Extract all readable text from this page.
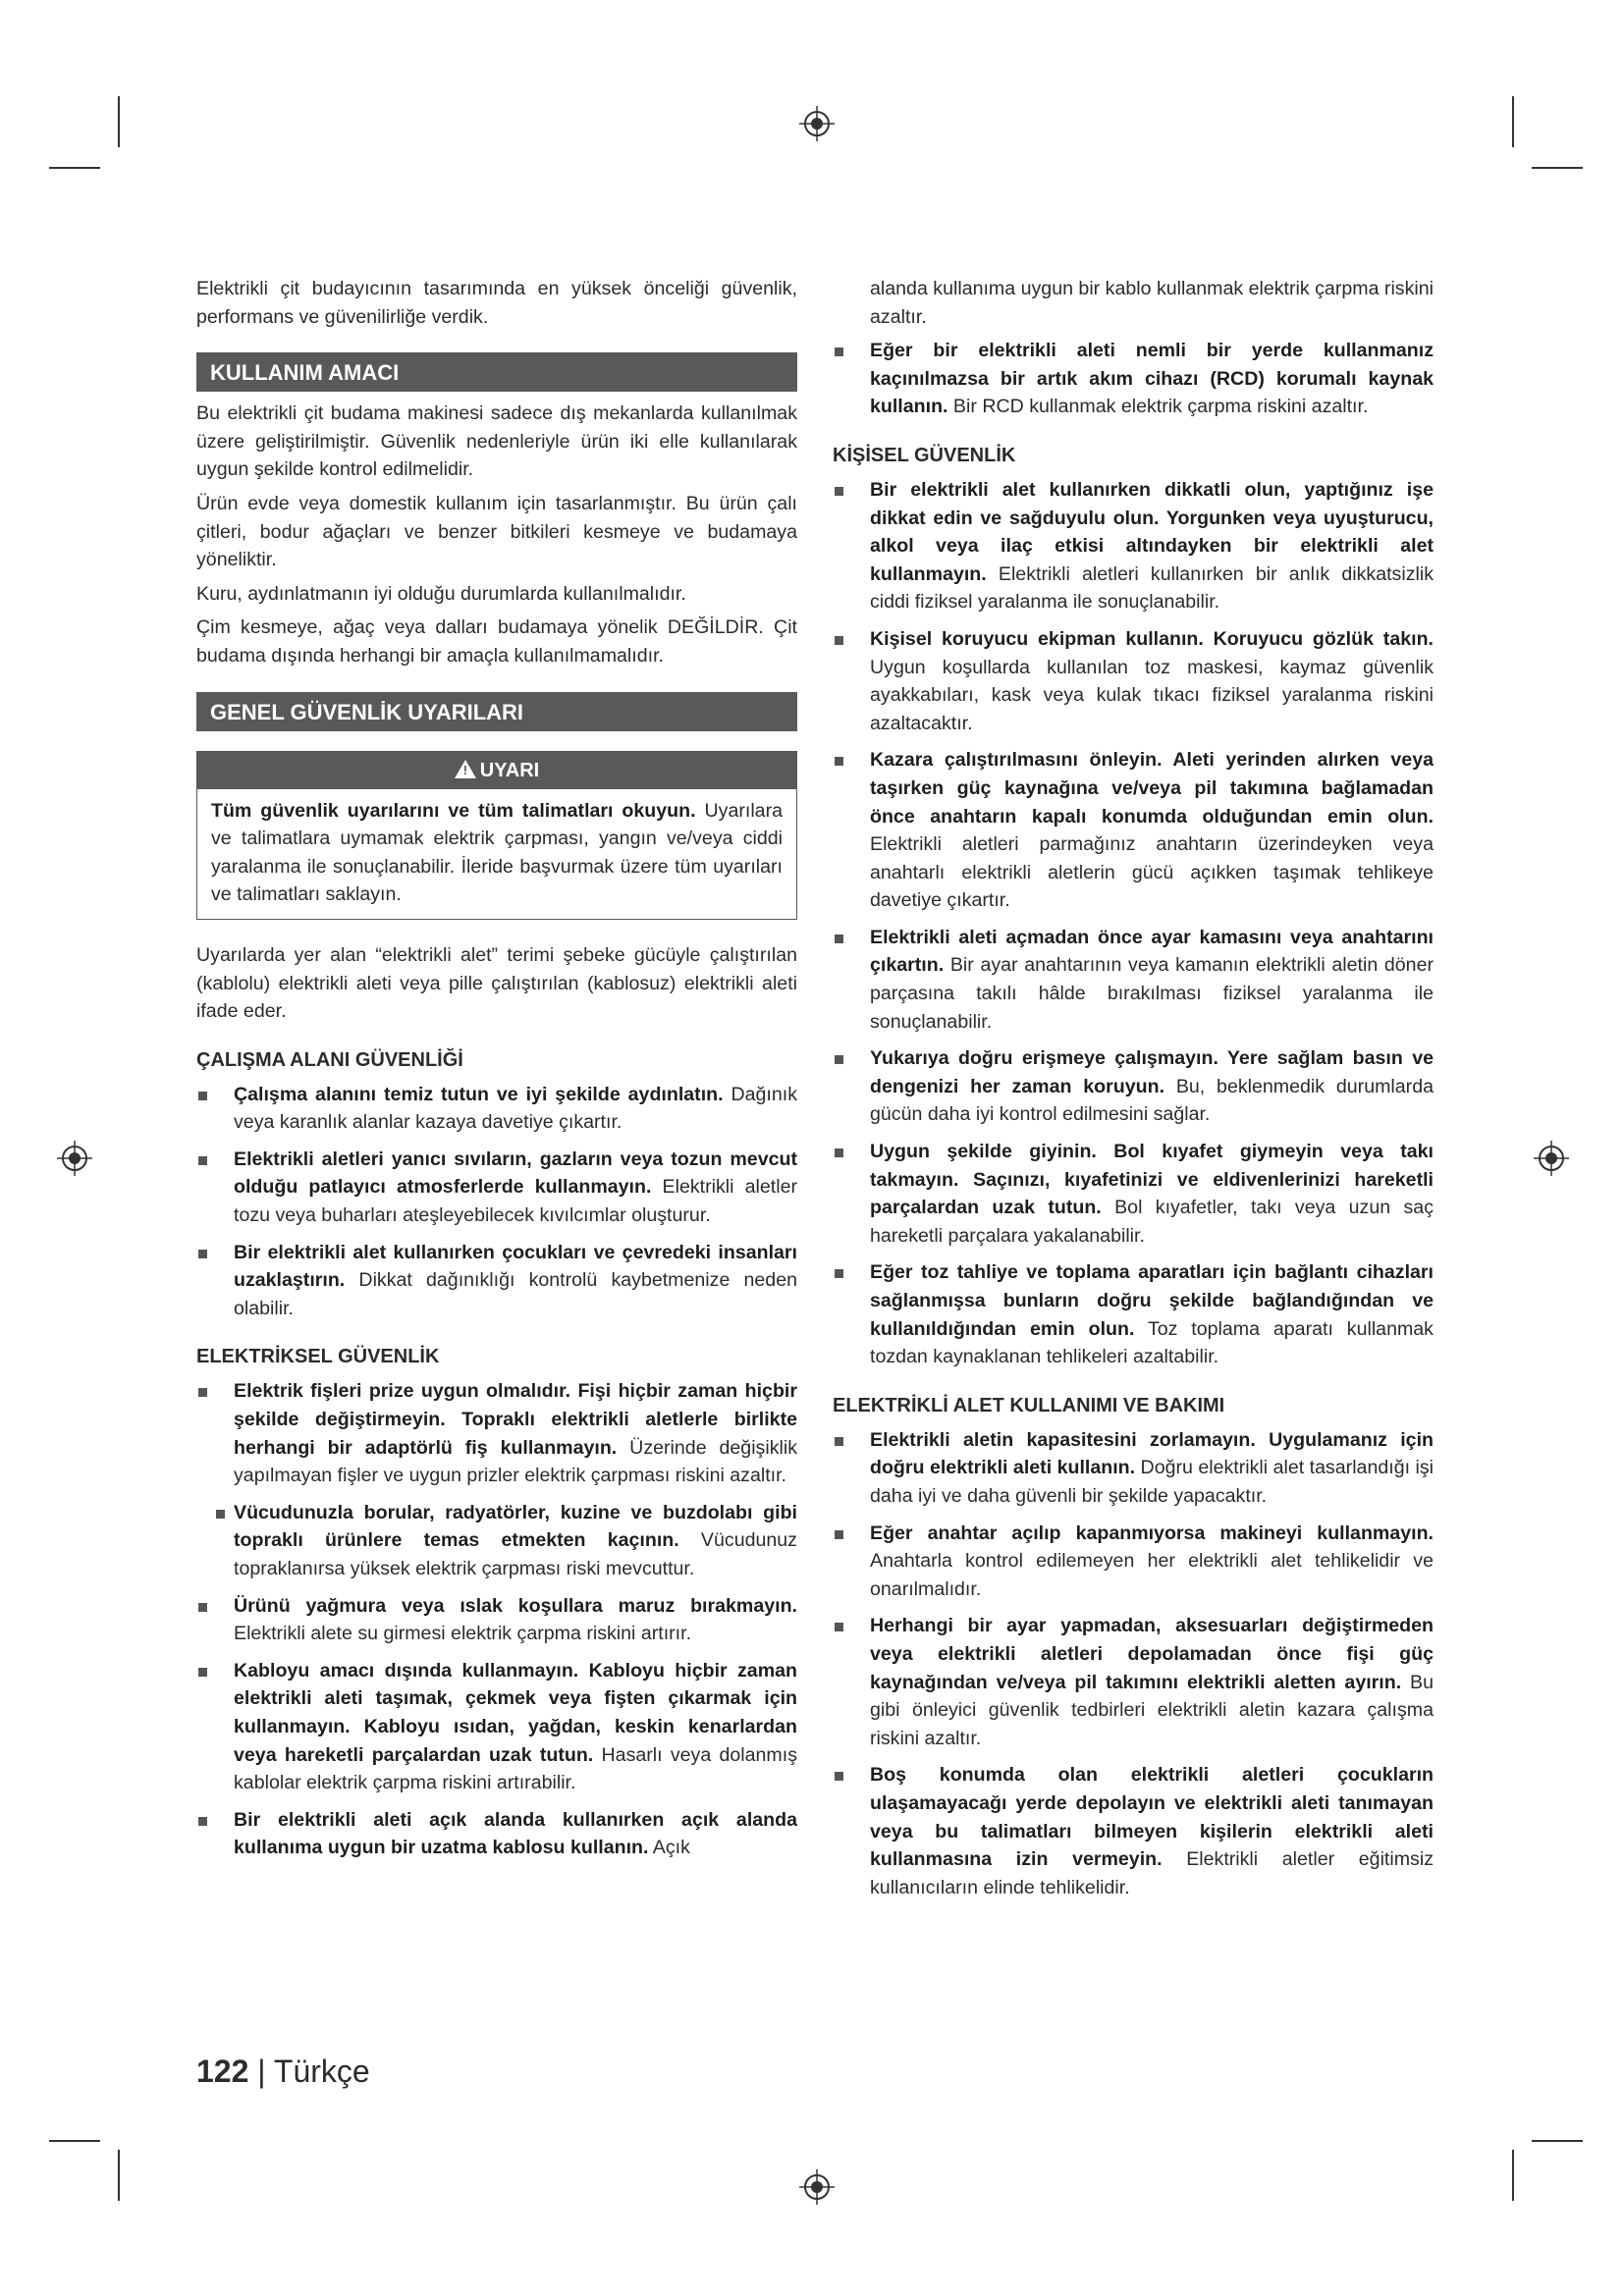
Elektrikli çit budayıcının tasarımında en yüksek önceliği güvenlik, performans ve güvenilirliğe verdik.

KULLANIM AMACI

Bu elektrikli çit budama makinesi sadece dış mekanlarda kullanılmak üzere geliştirilmiştir. Güvenlik nedenleriyle ürün iki elle kullanılarak uygun şekilde kontrol edilmelidir.

Ürün evde veya domestik kullanım için tasarlanmıştır. Bu ürün çalı çitleri, bodur ağaçları ve benzer bitkileri kesmeye ve budamaya yöneliktir.

Kuru, aydınlatmanın iyi olduğu durumlarda kullanılmalıdır.

Çim kesmeye, ağaç veya dalları budamaya yönelik DEĞİLDİR. Çit budama dışında herhangi bir amaçla kullanılmamalıdır.

GENEL GÜVENLİK UYARILARI
! UYARI

Tüm güvenlik uyarılarını ve tüm talimatları okuyun. Uyarılara ve talimatlara uymamak elektrik çarpması, yangın ve/veya ciddi yaralanma ile sonuçlanabilir. İleride başvurmak üzere tüm uyarıları ve talimatları saklayın.

Uyarılarda yer alan “elektrikli alet” terimi şebeke gücüyle çalıştırılan (kablolu) elektrikli aleti veya pille çalıştırılan (kablosuz) elektrikli aleti ifade eder.

ÇALIŞMA ALANI GÜVENLİĞİ
Çalışma alanını temiz tutun ve iyi şekilde aydınlatın. Dağınık veya karanlık alanlar kazaya davetiye çıkartır.
Elektrikli aletleri yanıcı sıvıların, gazların veya tozun mevcut olduğu patlayıcı atmosferlerde kullanmayın. Elektrikli aletler tozu veya buharları ateşleyebilecek kıvılcımlar oluşturur.
Bir elektrikli alet kullanırken çocukları ve çevredeki insanları uzaklaştırın. Dikkat dağınıklığı kontrolü kaybetmenize neden olabilir.
ELEKTRİKSEL GÜVENLİK
Elektrik fişleri prize uygun olmalıdır. Fişi hiçbir zaman hiçbir şekilde değiştirmeyin. Topraklı elektrikli aletlerle birlikte herhangi bir adaptörlü fiş kullanmayın. Üzerinde değişiklik yapılmayan fişler ve uygun prizler elektrik çarpması riskini azaltır.
Vücudunuzla borular, radyatörler, kuzine ve buzdolabı gibi topraklı ürünlere temas etmekten kaçının. Vücudunuz topraklanırsa yüksek elektrik çarpması riski mevcuttur.
Ürünü yağmura veya ıslak koşullara maruz bırakmayın. Elektrikli alete su girmesi elektrik çarpma riskini artırır.
Kabloyu amacı dışında kullanmayın. Kabloyu hiçbir zaman elektrikli aleti taşımak, çekmek veya fişten çıkarmak için kullanmayın. Kabloyu ısıdan, yağdan, keskin kenarlardan veya hareketli parçalardan uzak tutun. Hasarlı veya dolanmış kablolar elektrik çarpma riskini artırabilir.
Bir elektrikli aleti açık alanda kullanırken açık alanda kullanıma uygun bir uzatma kablosu kullanın. Açık

alanda kullanıma uygun bir kablo kullanmak elektrik çarpma riskini azaltır.

Eğer bir elektrikli aleti nemli bir yerde kullanmanız kaçınılmazsa bir artık akım cihazı (RCD) korumalı kaynak kullanın. Bir RCD kullanmak elektrik çarpma riskini azaltır.
KİŞİSEL GÜVENLİK
Bir elektrikli alet kullanırken dikkatli olun, yaptığınız işe dikkat edin ve sağduyulu olun. Yorgunken veya uyuşturucu, alkol veya ilaç etkisi altındayken bir elektrikli alet kullanmayın. Elektrikli aletleri kullanırken bir anlık dikkatsizlik ciddi fiziksel yaralanma ile sonuçlanabilir.
Kişisel koruyucu ekipman kullanın. Koruyucu gözlük takın. Uygun koşullarda kullanılan toz maskesi, kaymaz güvenlik ayakkabıları, kask veya kulak tıkacı fiziksel yaralanma riskini azaltacaktır.
Kazara çalıştırılmasını önleyin. Aleti yerinden alırken veya taşırken güç kaynağına ve/veya pil takımına bağlamadan önce anahtarın kapalı konumda olduğundan emin olun. Elektrikli aletleri parmağınız anahtarın üzerindeyken veya anahtarlı elektrikli aletlerin gücü açıkken taşımak tehlikeye davetiye çıkartır.
Elektrikli aleti açmadan önce ayar kamasını veya anahtarını çıkartın. Bir ayar anahtarının veya kamanın elektrikli aletin döner parçasına takılı hâlde bırakılması fiziksel yaralanma ile sonuçlanabilir.
Yukarıya doğru erişmeye çalışmayın. Yere sağlam basın ve dengenizi her zaman koruyun. Bu, beklenmedik durumlarda gücün daha iyi kontrol edilmesini sağlar.
Uygun şekilde giyinin. Bol kıyafet giymeyin veya takı takmayın. Saçınızı, kıyafetinizi ve eldivenlerinizi hareketli parçalardan uzak tutun. Bol kıyafetler, takı veya uzun saç hareketli parçalara yakalanabilir.
Eğer toz tahliye ve toplama aparatları için bağlantı cihazları sağlanmışsa bunların doğru şekilde bağlandığından ve kullanıldığından emin olun. Toz toplama aparatı kullanmak tozdan kaynaklanan tehlikeleri azaltabilir.
ELEKTRİKLİ ALET KULLANIMI VE BAKIMI
Elektrikli aletin kapasitesini zorlamayın. Uygulamanız için doğru elektrikli aleti kullanın. Doğru elektrikli alet tasarlandığı işi daha iyi ve daha güvenli bir şekilde yapacaktır.
Eğer anahtar açılıp kapanmıyorsa makineyi kullanmayın. Anahtarla kontrol edilemeyen her elektrikli alet tehlikelidir ve onarılmalıdır.
Herhangi bir ayar yapmadan, aksesuarları değiştirmeden veya elektrikli aletleri depolamadan önce fişi güç kaynağından ve/veya pil takımını elektrikli aletten ayırın. Bu gibi önleyici güvenlik tedbirleri elektrikli aletin kazara çalışma riskini azaltır.
Boş konumda olan elektrikli aletleri çocukların ulaşamayacağı yerde depolayın ve elektrikli aleti tanımayan veya bu talimatları bilmeyen kişilerin elektrikli aleti kullanmasına izin vermeyin. Elektrikli aletler eğitimsiz kullanıcıların elinde tehlikelidir.
122 | Türkçe
